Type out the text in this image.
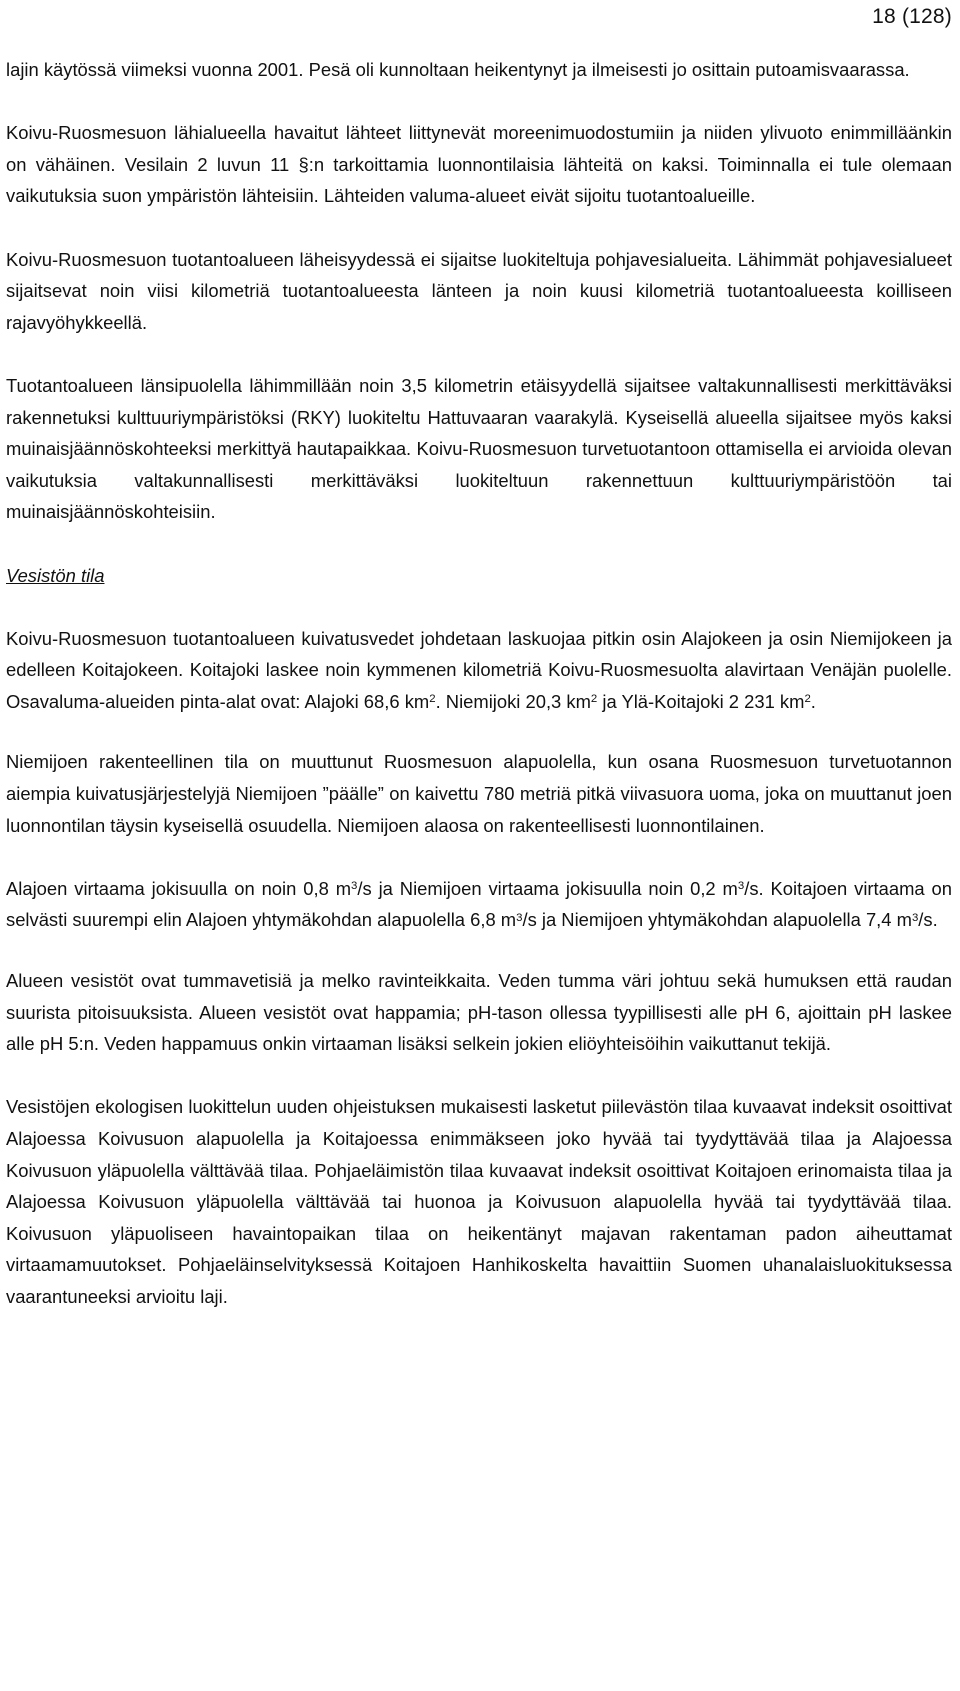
18 (128)

lajin käytössä viimeksi vuonna 2001. Pesä oli kunnoltaan heikentynyt ja ilmeisesti jo osittain putoamisvaarassa.

Koivu-Ruosmesuon lähialueella havaitut lähteet liittynevät moreenimuodostumiin ja niiden ylivuoto enimmilläänkin on vähäinen. Vesilain 2 luvun 11 §:n tarkoittamia luonnontilaisia lähteitä on kaksi. Toiminnalla ei tule olemaan vaikutuksia suon ympäristön lähteisiin. Lähteiden valuma-alueet eivät sijoitu tuotantoalueille.

Koivu-Ruosmesuon tuotantoalueen läheisyydessä ei sijaitse luokiteltuja pohjavesialueita. Lähimmät pohjavesialueet sijaitsevat noin viisi kilometriä tuotantoalueesta länteen ja noin kuusi kilometriä tuotantoalueesta koilliseen rajavyöhykkeellä.

Tuotantoalueen länsipuolella lähimmillään noin 3,5 kilometrin etäisyydellä sijaitsee valtakunnallisesti merkittäväksi rakennetuksi kulttuuriympäristöksi (RKY) luokiteltu Hattuvaaran vaarakylä. Kyseisellä alueella sijaitsee myös kaksi muinaisjäännöskohteeksi merkittyä hautapaikkaa. Koivu-Ruosmesuon turvetuotantoon ottamisella ei arvioida olevan vaikutuksia valtakunnallisesti merkittäväksi luokiteltuun rakennettuun kulttuuriympäristöön tai muinaisjäännöskohteisiin.

Vesistön tila

Koivu-Ruosmesuon tuotantoalueen kuivatusvedet johdetaan laskuojaa pitkin osin Alajokeen ja osin Niemijokeen ja edelleen Koitajokeen. Koitajoki laskee noin kymmenen kilometriä Koivu-Ruosmesuolta alavirtaan Venäjän puolelle. Osavaluma-alueiden pinta-alat ovat: Alajoki 68,6 $km^2$. Niemijoki 20,3 $km^2$ ja Ylä-Koitajoki 2 231 $km^2$.

Niemijoen rakenteellinen tila on muuttunut Ruosmesuon alapuolella, kun osana Ruosmesuon turvetuotannon aiempia kuivatusjärjestelyjä Niemijoen ”päälle” on kaivettu 780 metriä pitkä viivasuora uoma, joka on muuttanut joen luonnontilan täysin kyseisellä osuudella. Niemijoen alaosa on rakenteellisesti luonnontilainen.

Alajoen virtaama jokisuulla on noin 0,8 $m^3/s$ ja Niemijoen virtaama jokisuulla noin 0,2 $m^3/s$. Koitajoen virtaama on selvästi suurempi elin Alajoen yhtymäkohdan alapuolella 6,8 $m^3/s$ ja Niemijoen yhtymäkohdan alapuolella 7,4 $m^3/s$.

Alueen vesistöt ovat tummavetisiä ja melko ravinteikkaita. Veden tumma väri johtuu sekä humuksen että raudan suurista pitoisuuksista. Alueen vesistöt ovat happamia; pH-tason ollessa tyypillisesti alle pH 6, ajoittain pH laskee alle pH 5:n. Veden happamuus onkin virtaaman lisäksi selkein jokien eliöyhteisöihin vaikuttanut tekijä.

Vesistöjen ekologisen luokittelun uuden ohjeistuksen mukaisesti lasketut piilevästön tilaa kuvaavat indeksit osoittivat Alajoessa Koivusuon alapuolella ja Koitajoessa enimmäkseen joko hyvää tai tyydyttävää tilaa ja Alajoessa Koivusuon yläpuolella välttävää tilaa. Pohjaeläimistön tilaa kuvaavat indeksit osoittivat Koitajoen erinomaista tilaa ja Alajoessa Koivusuon yläpuolella välttävää tai huonoa ja Koivusuon alapuolella hyvää tai tyydyttävää tilaa. Koivusuon yläpuoliseen havaintopaikan tilaa on heikentänyt majavan rakentaman padon aiheuttamat virtaamamuutokset. Pohjaeläinselvityksessä Koitajoen Hanhikoskelta havaittiin Suomen uhanalaisluokituksessa vaarantuneeksi arvioitu laji.
